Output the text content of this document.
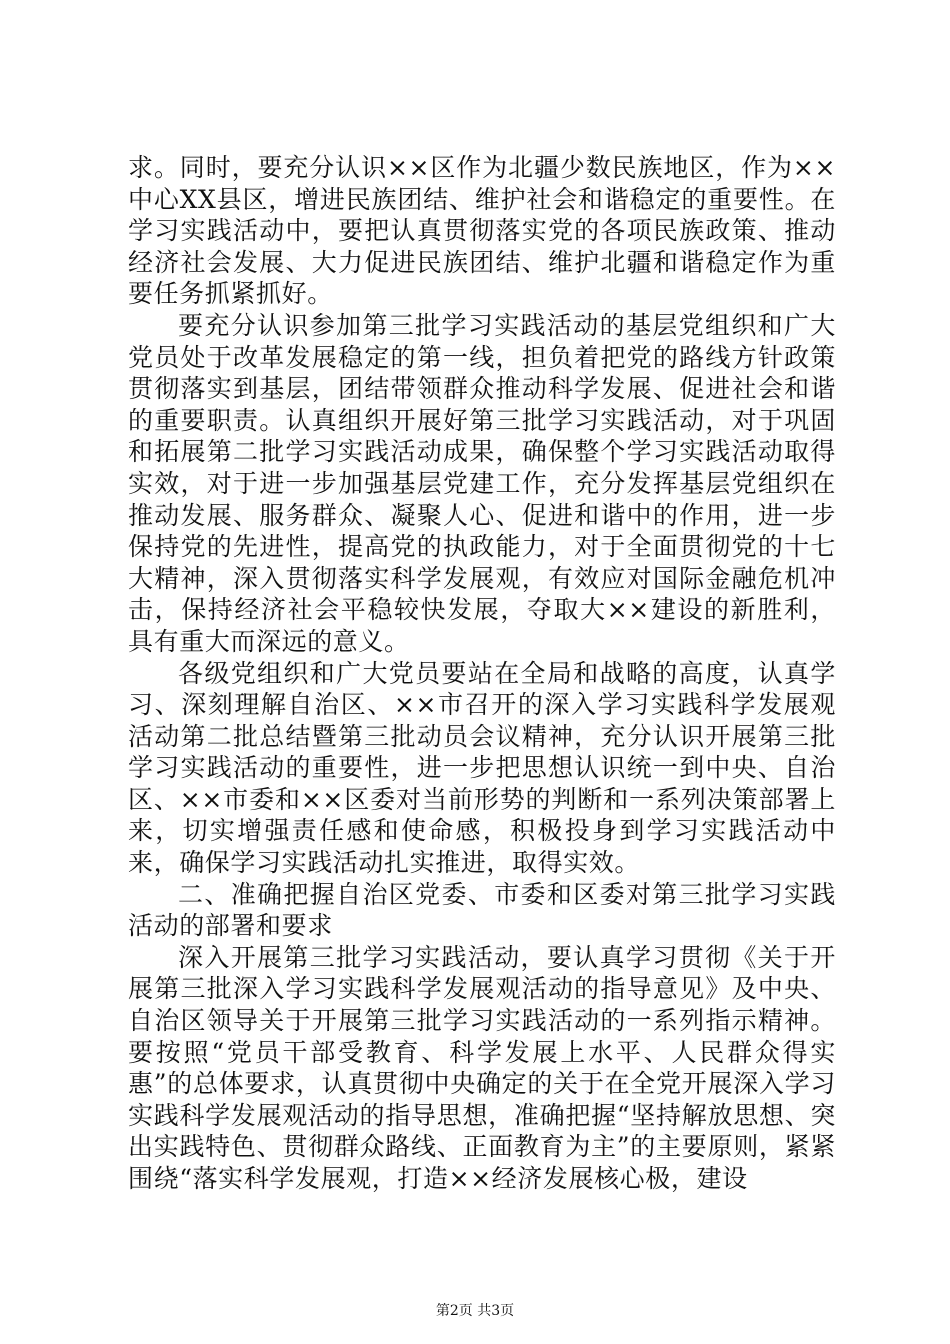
求。同时，要充分认识××区作为北疆少数民族地区，作为××中心XX县区，增进民族团结、维护社会和谐稳定的重要性。在学习实践活动中，要把认真贯彻落实党的各项民族政策、推动经济社会发展、大力促进民族团结、维护北疆和谐稳定作为重要任务抓紧抓好。

要充分认识参加第三批学习实践活动的基层党组织和广大党员处于改革发展稳定的第一线，担负着把党的路线方针政策贯彻落实到基层，团结带领群众推动科学发展、促进社会和谐的重要职责。认真组织开展好第三批学习实践活动，对于巩固和拓展第二批学习实践活动成果，确保整个学习实践活动取得实效，对于进一步加强基层党建工作，充分发挥基层党组织在推动发展、服务群众、凝聚人心、促进和谐中的作用，进一步保持党的先进性，提高党的执政能力，对于全面贯彻党的十七大精神，深入贯彻落实科学发展观，有效应对国际金融危机冲击，保持经济社会平稳较快发展，夺取大××建设的新胜利，具有重大而深远的意义。

各级党组织和广大党员要站在全局和战略的高度，认真学习、深刻理解自治区、××市召开的深入学习实践科学发展观活动第二批总结暨第三批动员会议精神，充分认识开展第三批学习实践活动的重要性，进一步把思想认识统一到中央、自治区、××市委和××区委对当前形势的判断和一系列决策部署上来，切实增强责任感和使命感，积极投身到学习实践活动中来，确保学习实践活动扎实推进，取得实效。

二、准确把握自治区党委、市委和区委对第三批学习实践活动的部署和要求

深入开展第三批学习实践活动，要认真学习贯彻《关于开展第三批深入学习实践科学发展观活动的指导意见》及中央、自治区领导关于开展第三批学习实践活动的一系列指示精神。要按照“党员干部受教育、科学发展上水平、人民群众得实惠”的总体要求，认真贯彻中央确定的关于在全党开展深入学习实践科学发展观活动的指导思想，准确把握“坚持解放思想、突出实践特色、贯彻群众路线、正面教育为主”的主要原则，紧紧围绕“落实科学发展观，打造××经济发展核心极，建设

第2页 共3页
